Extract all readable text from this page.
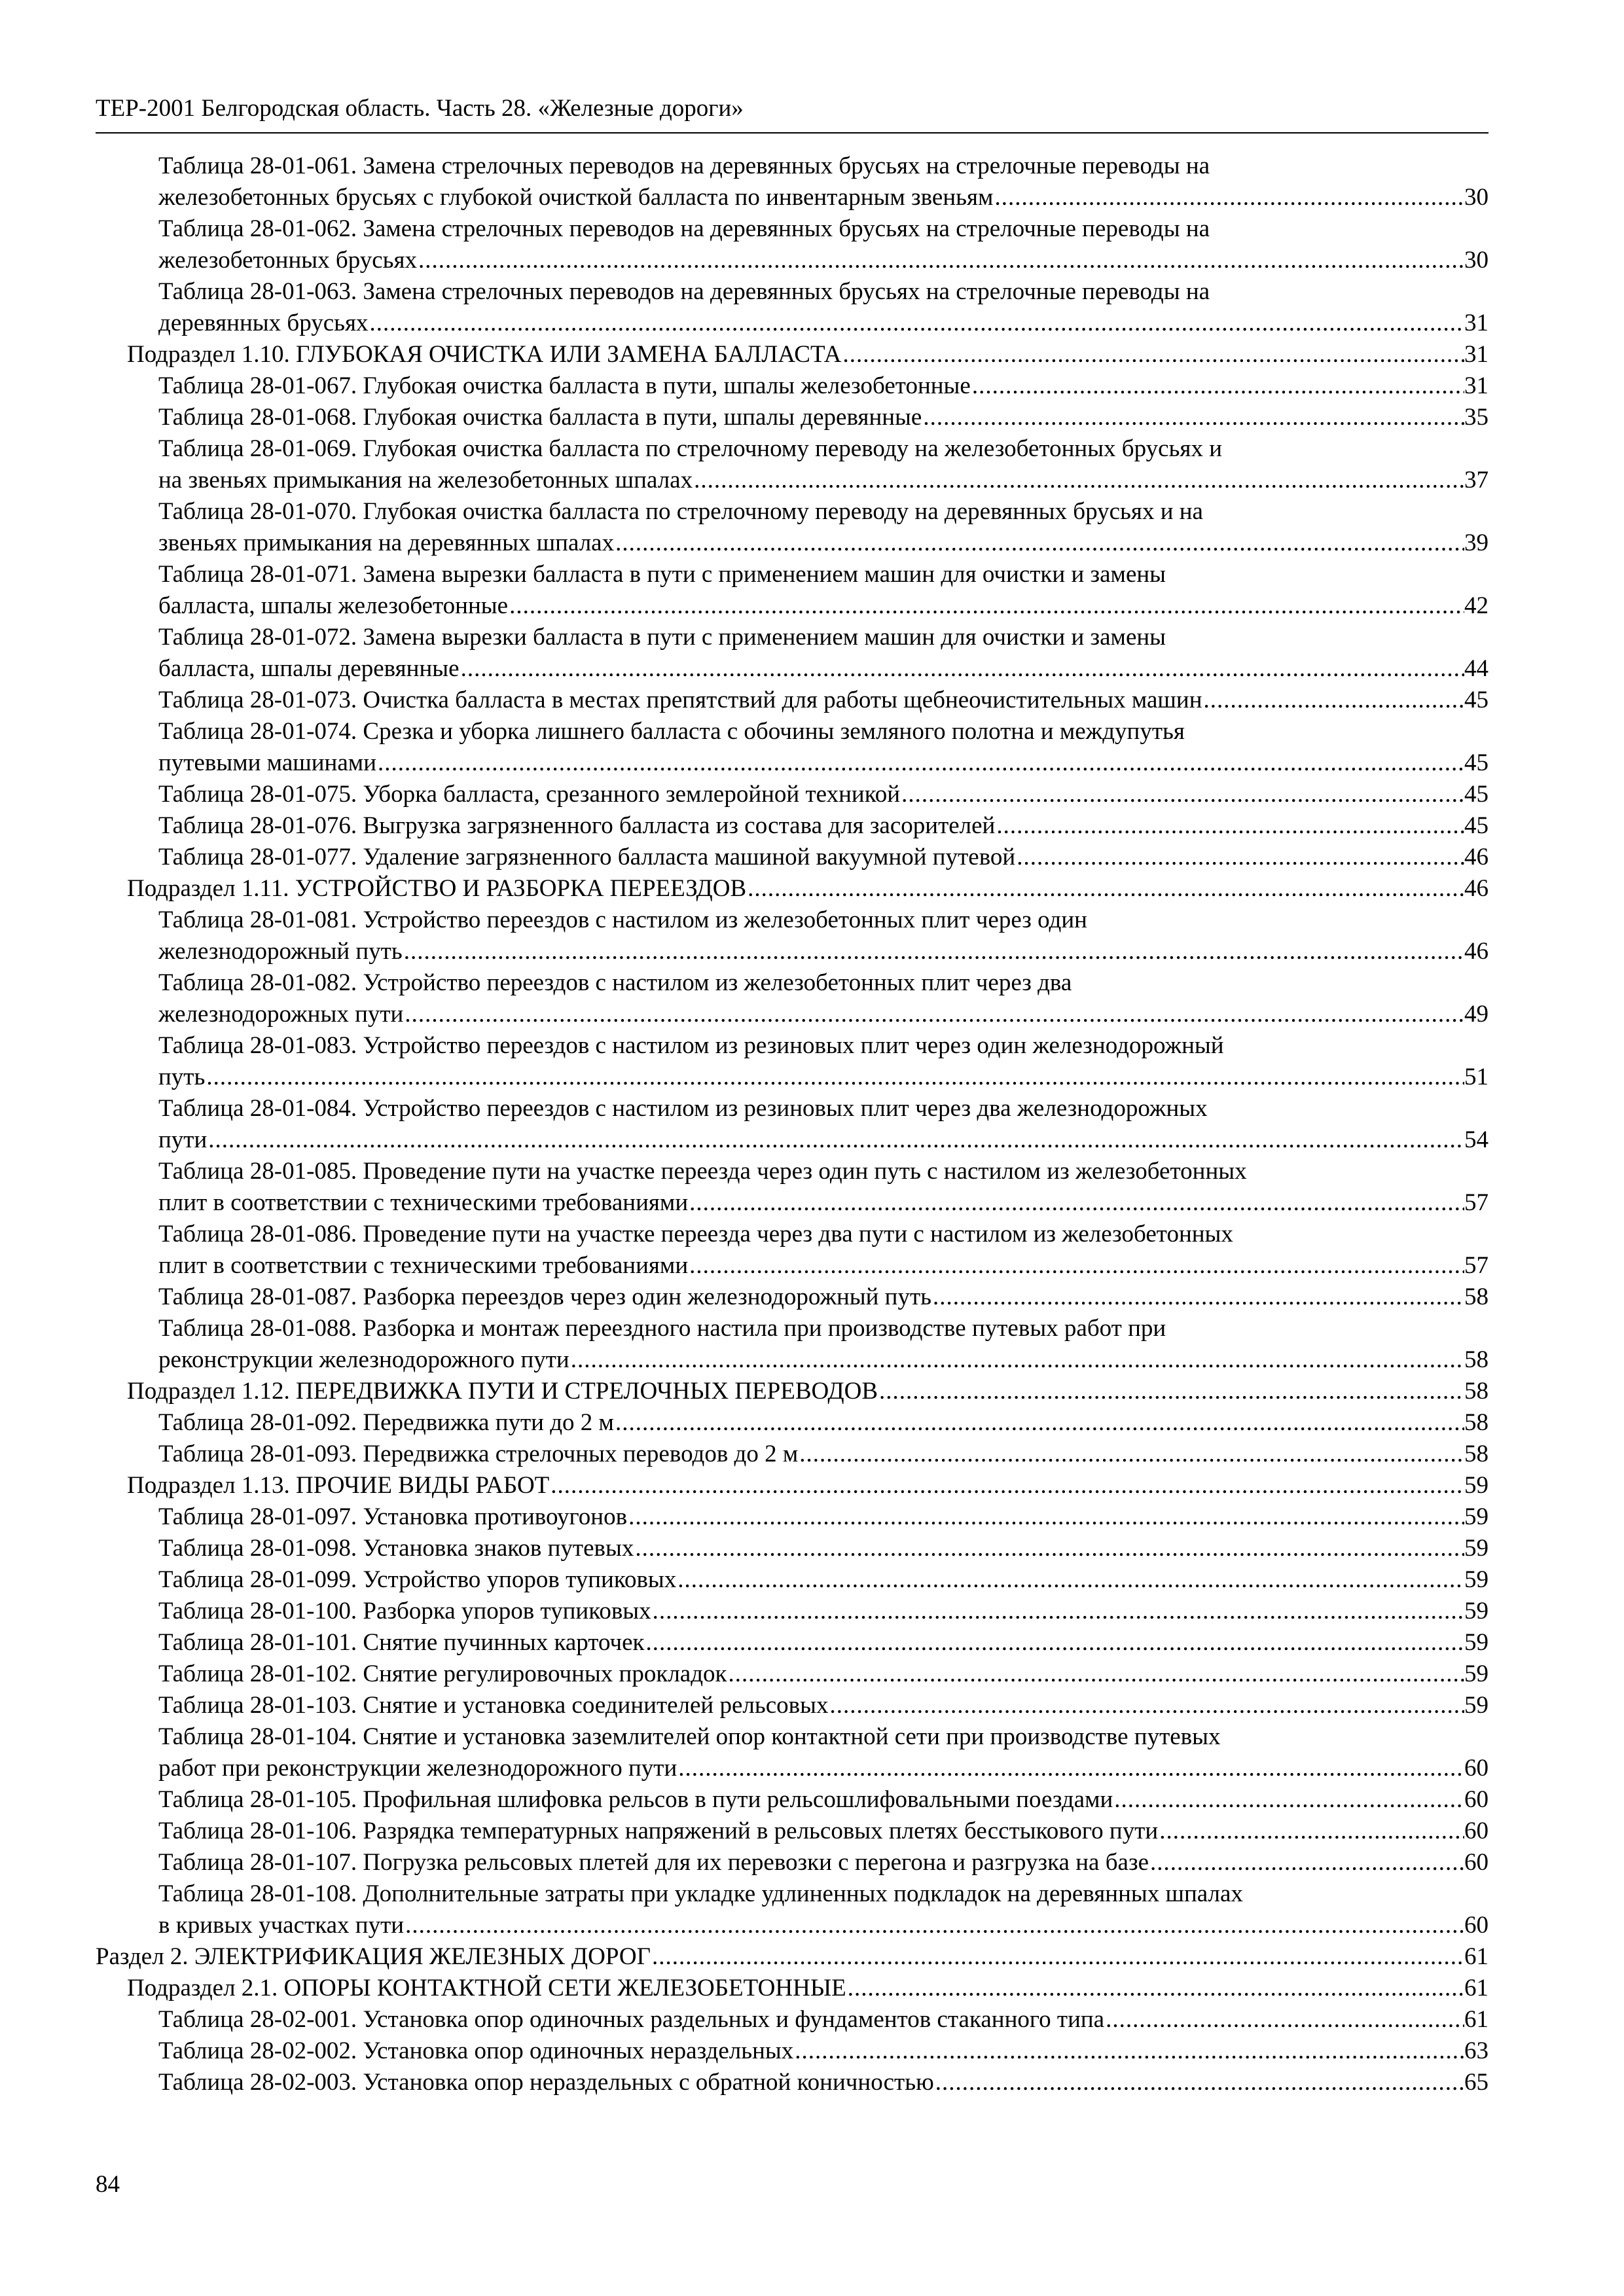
ТЕР-2001 Белгородская область. Часть 28. «Железные дороги»
Таблица 28-01-061. Замена стрелочных переводов на деревянных брусьях на стрелочные переводы на
железобетонных брусьях с глубокой очисткой балласта по инвентарным звеньям .....	30
Таблица 28-01-062. Замена стрелочных переводов на деревянных брусьях на стрелочные переводы на
железобетонных брусьях .....	30
Таблица 28-01-063. Замена стрелочных переводов на деревянных брусьях на стрелочные переводы на
деревянных брусьях .....	31
Подраздел 1.10. ГЛУБОКАЯ ОЧИСТКА ИЛИ ЗАМЕНА БАЛЛАСТА .....	31
Таблица 28-01-067. Глубокая очистка балласта в пути, шпалы железобетонные .....	31
Таблица 28-01-068. Глубокая очистка балласта в пути, шпалы деревянные .....	35
Таблица 28-01-069. Глубокая очистка балласта по стрелочному переводу на железобетонных брусьях и
на звеньях примыкания на железобетонных шпалах .....	37
Таблица 28-01-070. Глубокая очистка балласта по стрелочному переводу на деревянных брусьях и на
звеньях примыкания на деревянных шпалах .....	39
Таблица 28-01-071. Замена вырезки балласта в пути с применением машин для очистки и замены
балласта, шпалы железобетонные .....	42
Таблица 28-01-072. Замена вырезки балласта в пути с применением машин для очистки и замены
балласта, шпалы деревянные .....	44
Таблица 28-01-073. Очистка балласта в местах препятствий для работы щебнеочистительных машин .....	45
Таблица 28-01-074. Срезка и уборка лишнего балласта с обочины земляного полотна и междупутья
путевыми машинами .....	45
Таблица 28-01-075. Уборка балласта, срезанного землеройной техникой .....	45
Таблица 28-01-076. Выгрузка загрязненного балласта из состава для засорителей .....	45
Таблица 28-01-077. Удаление загрязненного балласта машиной вакуумной путевой .....	46
Подраздел 1.11. УСТРОЙСТВО И РАЗБОРКА ПЕРЕЕЗДОВ .....	46
Таблица 28-01-081. Устройство переездов с настилом из железобетонных плит через один
железнодорожный путь .....	46
Таблица 28-01-082. Устройство переездов с настилом из железобетонных плит через два
железнодорожных пути .....	49
Таблица 28-01-083. Устройство переездов с настилом из резиновых плит через один железнодорожный
путь .....	51
Таблица 28-01-084. Устройство переездов с настилом из резиновых плит через два железнодорожных
пути .....	54
Таблица 28-01-085. Проведение пути на участке переезда через один путь с настилом из железобетонных
плит в соответствии с техническими требованиями .....	57
Таблица 28-01-086. Проведение пути на участке переезда через два пути с настилом из железобетонных
плит в соответствии с техническими требованиями .....	57
Таблица 28-01-087. Разборка переездов через один железнодорожный путь .....	58
Таблица 28-01-088. Разборка и монтаж переездного настила при производстве путевых работ при
реконструкции железнодорожного пути .....	58
Подраздел 1.12. ПЕРЕДВИЖКА ПУТИ И СТРЕЛОЧНЫХ ПЕРЕВОДОВ .....	58
Таблица 28-01-092. Передвижка пути до 2 м .....	58
Таблица 28-01-093. Передвижка стрелочных переводов до 2 м .....	58
Подраздел 1.13. ПРОЧИЕ ВИДЫ РАБОТ .....	59
Таблица 28-01-097. Установка противоугонов .....	59
Таблица 28-01-098. Установка знаков путевых .....	59
Таблица 28-01-099. Устройство упоров тупиковых .....	59
Таблица 28-01-100. Разборка упоров тупиковых .....	59
Таблица 28-01-101. Снятие пучинных карточек .....	59
Таблица 28-01-102. Снятие регулировочных прокладок .....	59
Таблица 28-01-103. Снятие и установка соединителей рельсовых .....	59
Таблица 28-01-104. Снятие и установка заземлителей опор контактной сети при производстве путевых
работ при реконструкции железнодорожного пути .....	60
Таблица 28-01-105. Профильная шлифовка рельсов в пути рельсошлифовальными поездами .....	60
Таблица 28-01-106. Разрядка температурных напряжений в рельсовых плетях бесстыкового пути .....	60
Таблица 28-01-107. Погрузка рельсовых плетей для их перевозки с перегона и разгрузка на базе .....	60
Таблица 28-01-108. Дополнительные затраты при укладке удлиненных подкладок на деревянных шпалах
в кривых участках пути .....	60
Раздел 2. ЭЛЕКТРИФИКАЦИЯ ЖЕЛЕЗНЫХ ДОРОГ .....	61
Подраздел 2.1. ОПОРЫ КОНТАКТНОЙ СЕТИ ЖЕЛЕЗОБЕТОННЫЕ .....	61
Таблица 28-02-001. Установка опор одиночных раздельных и фундаментов стаканного типа .....	61
Таблица 28-02-002. Установка опор одиночных нераздельных .....	63
Таблица 28-02-003. Установка опор нераздельных с обратной коничностью .....	65
84
